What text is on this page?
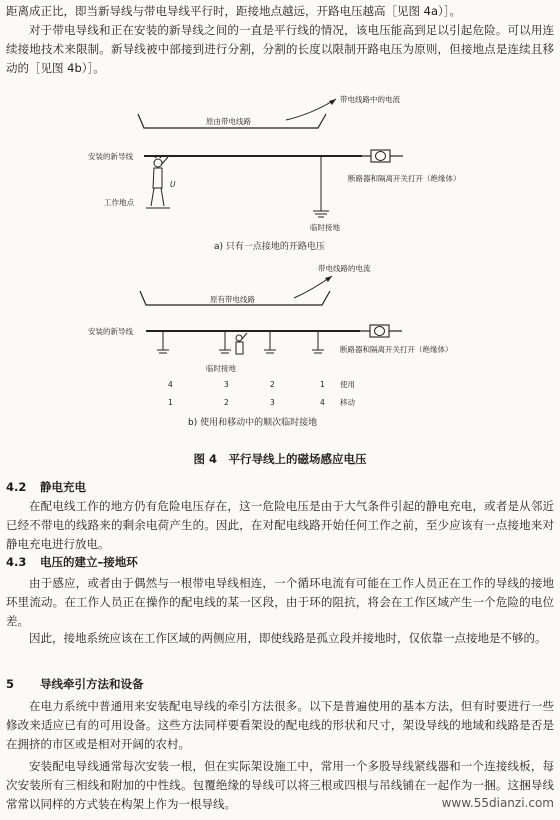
距离成正比，即当新导线与带电导线平行时，距接地点越远，开路电压越高［见图 4a）］。
对于带电导线和正在安装的新导线之间的一直是平行线的情况，该电压能高到足以引起危险。可以用连续接地技术来限制。新导线被中部接到进行分割，分割的长度以限制开路电压为原则，但接地点是连续且移动的［见图 4b）］。
原由带电线路
带电线路中的电流
安装的新导线
断路器和隔离开关打开（绝缘体）
U
工作地点
临时接地
a) 只有一点接地的开路电压
原有带电线路
带电线路的电流
安装的新导线
断路器和隔离开关打开（绝缘体）
临时接地
4	3	2	1 使用
1	2	3	4 移动
b) 使用和移动中的顺次临时接地
图 4　平行导线上的磁场感应电压
4.2 静电充电
在配电线工作的地方仍有危险电压存在，这一危险电压是由于大气条件引起的静电充电，或者是从邻近已经不带电的线路来的剩余电荷产生的。因此，在对配电线路开始任何工作之前，至少应该有一点接地来对静电充电进行放电。
4.3 电压的建立–接地环
由于感应，或者由于偶然与一根带电导线相连，一个循环电流有可能在工作人员正在工作的导线的接地环里流动。在工作人员正在操作的配电线的某一区段，由于环的阻抗，将会在工作区域产生一个危险的电位差。
因此，接地系统应该在工作区域的两侧应用，即使线路是孤立段并接地时，仅依靠一点接地是不够的。
5 导线牵引方法和设备
在电力系统中普通用来安装配电导线的牵引方法很多。以下是普遍使用的基本方法，但有时要进行一些修改来适应已有的可用设备。这些方法同样要看架设的配电线的形状和尺寸，架设导线的地域和线路是否是在拥挤的市区或是相对开阔的农村。
安装配电导线通常每次安装一根，但在实际架设施工中，常用一个多股导线紧线器和一个连接线板，每次安装所有三相线和附加的中性线。包覆绝缘的导线可以将三根或四根与吊线铺在一起作为一捆。这捆导线常常以同样的方式装在构架上作为一根导线。	www.55dianzi.com
